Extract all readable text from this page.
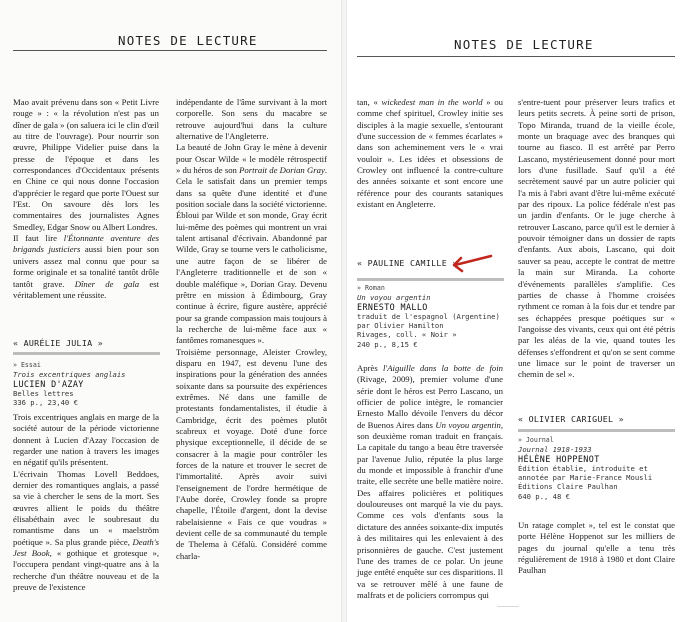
NOTES DE LECTURE

Mao avait prévenu dans son « Petit Livre rouge » : « la révolution n'est pas un dîner de gala » (on saluera ici le clin d'œil au titre de l'ouvrage). Pour nourrir son œuvre, Philippe Videlier puise dans la presse de l'époque et dans les correspondances d'Occidentaux présents en Chine ce qui nous donne l'occasion d'apprécier le regard que porte l'Ouest sur l'Est. On savoure dès lors les commentaires des journalistes Agnes Smedley, Edgar Snow ou Albert Londres.

Il faut lire l'Étonnante aventure des brigands justiciers aussi bien pour son univers assez mal connu que pour sa forme originale et sa tonalité tantôt drôle tantôt grave. Dîner de gala est véritablement une réussite.

« AURÉLIE JULIA »
» Essai
Trois excentriques anglais
LUCIEN D'AZAY
Belles lettres
336 p., 23,40 €

Trois excentriques anglais en marge de la société autour de la période victorienne donnent à Lucien d'Azay l'occasion de regarder une nation à travers les images en négatif qu'ils présentent.

L'écrivain Thomas Lovell Beddoes, dernier des romantiques anglais, a passé sa vie à chercher le sens de la mort. Ses œuvres allient le poids du théâtre élisabéthain avec le soubresaut du romantisme dans un « maelström poétique ». Sa plus grande pièce, Death's Jest Book, « gothique et grotesque », l'occupera pendant vingt-quatre ans à la recherche d'un théâtre nouveau et de la preuve de l'existence

indépendante de l'âme survivant à la mort corporelle. Son sens du macabre se retrouve aujourd'hui dans la culture alternative de l'Angleterre.

La beauté de John Gray le mène à devenir pour Oscar Wilde « le modèle rétrospectif » du héros de son Portrait de Dorian Gray. Cela le satisfait dans un premier temps dans sa quête d'une identité et d'une position sociale dans la société victorienne. Ébloui par Wilde et son monde, Gray écrit lui-même des poèmes qui montrent un vrai talent artisanal d'écrivain. Abandonné par Wilde, Gray se tourne vers le catholicisme, une autre façon de se libérer de l'Angleterre traditionnelle et de son « double maléfique », Dorian Gray. Devenu prêtre en mission à Édimbourg, Gray continue à écrire, figure austère, apprécié pour sa grande compassion mais toujours à la recherche de lui-même face aux « fantômes romanesques ».

Troisième personnage, Aleister Crowley, disparu en 1947, est devenu l'une des inspirations pour la génération des années soixante dans sa poursuite des expériences extrêmes. Né dans une famille de protestants fondamentalistes, il étudie à Cambridge, écrit des poèmes plutôt scabreux et voyage. Doté d'une force physique exceptionnelle, il décide de se consacrer à la magie pour contrôler les forces de la nature et trouver le secret de l'immortalité. Après avoir suivi l'enseignement de l'ordre hermétique de l'Aube dorée, Crowley fonde sa propre chapelle, l'Étoile d'argent, dont la devise rabelaisienne « Fais ce que voudras » devient celle de sa communauté du temple de Thelema à Céfalù. Considéré comme charla-

NOTES DE LECTURE

tan, « wickedest man in the world » ou comme chef spirituel, Crowley initie ses disciples à la magie sexuelle, s'entourant d'une succession de « femmes écarlates » dans son acheminement vers le « vrai vouloir ». Les idées et obsessions de Crowley ont influencé la contre-culture des années soixante et sont encore une référence pour des courants sataniques existant en Angleterre.

« PAULINE CAMILLE »
» Roman
Un voyou argentin
ERNESTO MALLO
traduit de l'espagnol (Argentine)
par Olivier Hamilton
Rivages, coll. « Noir »
240 p., 8,15 €

Après l'Aiguille dans la botte de foin (Rivage, 2009), premier volume d'une série dont le héros est Perro Lascano, un officier de police intègre, le romancier Ernesto Mallo dévoile l'envers du décor de Buenos Aires dans Un voyou argentin, son deuxième roman traduit en français. La capitale du tango a beau être traversée par l'avenue Julio, réputée la plus large du monde et impossible à franchir d'une traite, elle secrète une belle matière noire. Des affaires policières et politiques douloureuses ont marqué la vie du pays. Comme ces vols d'enfants sous la dictature des années soixante-dix imputés à des militaires qui les enlevaient à des prisonnières de gauche. C'est justement l'une des trames de ce polar. Un jeune juge entêté enquête sur ces disparitions. Il va se retrouver mêlé à une faune de malfrats et de policiers corrompus qui

s'entre-tuent pour préserver leurs trafics et leurs petits secrets. À peine sorti de prison, Topo Miranda, truand de la vieille école, monte un braquage avec des branques qui tourne au fiasco. Il est arrêté par Perro Lascano, mystérieusement donné pour mort lors d'une fusillade. Sauf qu'il a été secrètement sauvé par un autre policier qui l'a mis à l'abri avant d'être lui-même exécuté par des ripoux. La police fédérale n'est pas un jardin d'enfants. Or le juge cherche à retrouver Lascano, parce qu'il est le dernier à pouvoir témoigner dans un dossier de rapts d'enfants. Aux abois, Lascano, qui doit sauver sa peau, accepte le contrat de mettre la main sur Miranda. La cohorte d'événements parallèles s'amplifie. Ces parties de chasse à l'homme croisées rythment ce roman à la fois dur et tendre par ses échappées presque poétiques sur « l'angoisse des vivants, ceux qui ont été pétris par les aléas de la vie, quand toutes les défenses s'effondrent et qu'on se sent comme une limace sur le point de traverser un chemin de sel ».

« OLIVIER CARIGUEL »
» Journal
Journal 1918-1933
HÉLÈNE HOPPENOT
Édition établie, introduite et
annotée par Marie-France Mousli
Éditions Claire Paulhan
640 p., 48 €

Un ratage complet », tel est le constat que porte Hélène Hoppenot sur les milliers de pages du journal qu'elle a tenu très régulièrement de 1918 à 1980 et dont Claire Paulhan
